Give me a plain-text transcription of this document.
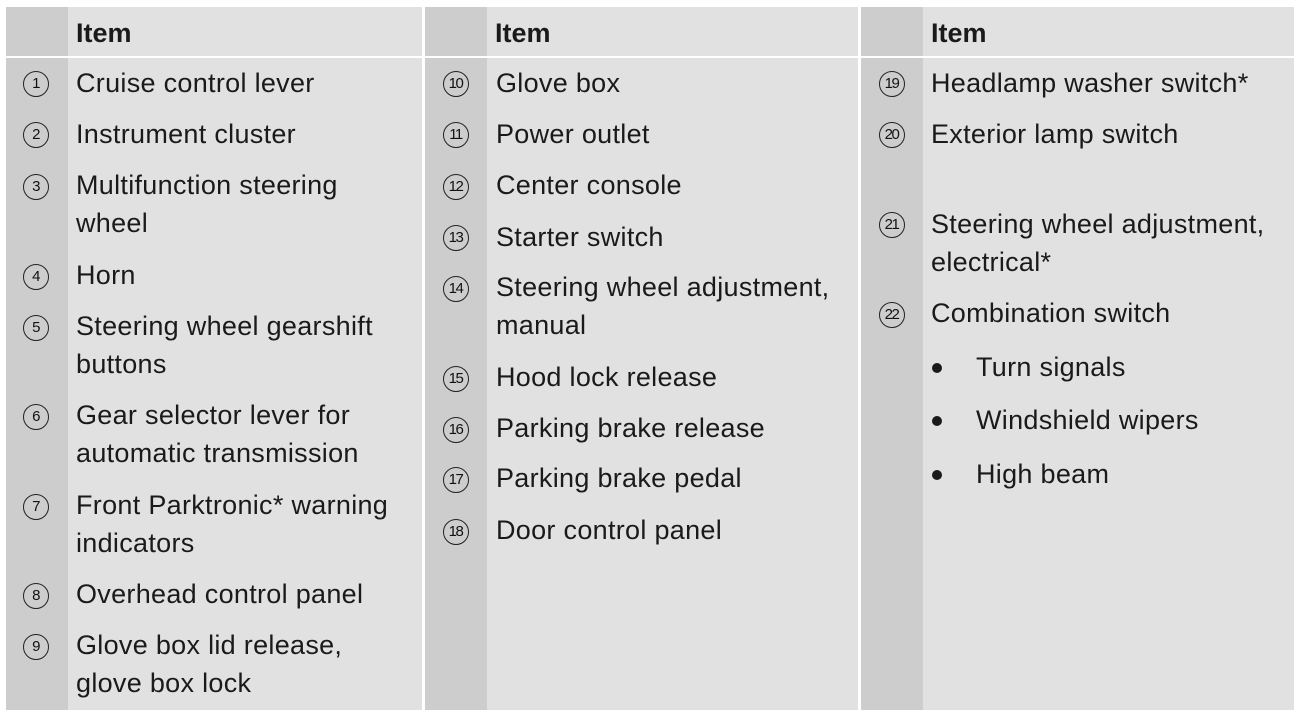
Item	Item	Item
1	Cruise control lever
2	Instrument cluster
3	Multifunction steering
wheel
4	Horn
5	Steering wheel gearshift
buttons
6	Gear selector lever for
automatic transmission
7	Front Parktronic* warning
indicators
8	Overhead control panel
9	Glove box lid release,
glove box lock
10 Glove box
11 Power outlet
12 Center console
13 Starter switch
14 Steering wheel adjustment,
manual
15 Hood lock release
16 Parking brake release
17 Parking brake pedal
18 Door control panel
19 Headlamp washer switch*
20 Exterior lamp switch
21 Steering wheel adjustment,
electrical*
22 Combination switch
Turn signals
Windshield wipers
High beam
